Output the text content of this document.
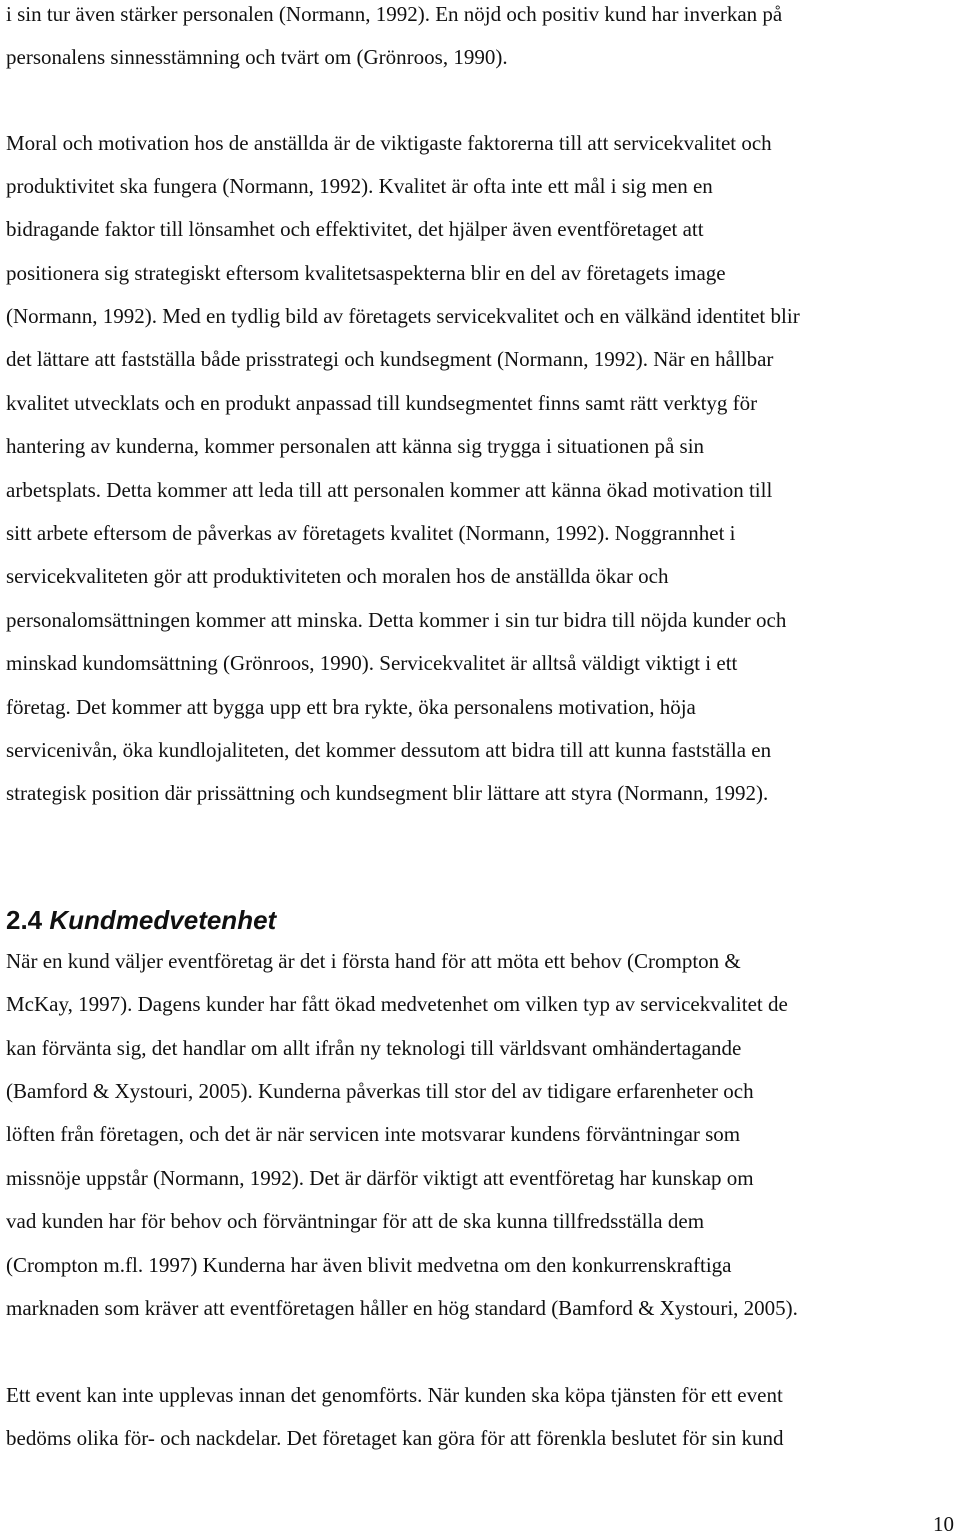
i sin tur även stärker personalen (Normann, 1992). En nöjd och positiv kund har inverkan på
personalens sinnesstämning och tvärt om (Grönroos, 1990).
Moral och motivation hos de anställda är de viktigaste faktorerna till att servicekvalitet och
produktivitet ska fungera (Normann, 1992). Kvalitet är ofta inte ett mål i sig men en
bidragande faktor till lönsamhet och effektivitet, det hjälper även eventföretaget att
positionera sig strategiskt eftersom kvalitetsaspekterna blir en del av företagets image
(Normann, 1992). Med en tydlig bild av företagets servicekvalitet och en välkänd identitet blir
det lättare att fastställa både prisstrategi och kundsegment (Normann, 1992). När en hållbar
kvalitet utvecklats och en produkt anpassad till kundsegmentet finns samt rätt verktyg för
hantering av kunderna, kommer personalen att känna sig trygga i situationen på sin
arbetsplats. Detta kommer att leda till att personalen kommer att känna ökad motivation till
sitt arbete eftersom de påverkas av företagets kvalitet (Normann, 1992). Noggrannhet i
servicekvaliteten gör att produktiviteten och moralen hos de anställda ökar och
personalomsättningen kommer att minska. Detta kommer i sin tur bidra till nöjda kunder och
minskad kundomsättning (Grönroos, 1990). Servicekvalitet är alltså väldigt viktigt i ett
företag. Det kommer att bygga upp ett bra rykte, öka personalens motivation, höja
servicenivån, öka kundlojaliteten, det kommer dessutom att bidra till att kunna fastställa en
strategisk position där prissättning och kundsegment blir lättare att styra (Normann, 1992).
2.4 Kundmedvetenhet
När en kund väljer eventföretag är det i första hand för att möta ett behov (Crompton &
McKay, 1997). Dagens kunder har fått ökad medvetenhet om vilken typ av servicekvalitet de
kan förvänta sig, det handlar om allt ifrån ny teknologi till världsvant omhändertagande
(Bamford & Xystouri, 2005). Kunderna påverkas till stor del av tidigare erfarenheter och
löften från företagen, och det är när servicen inte motsvarar kundens förväntningar som
missnöje uppstår (Normann, 1992). Det är därför viktigt att eventföretag har kunskap om
vad kunden har för behov och förväntningar för att de ska kunna tillfredsställa dem
(Crompton m.fl. 1997) Kunderna har även blivit medvetna om den konkurrenskraftiga
marknaden som kräver att eventföretagen håller en hög standard (Bamford & Xystouri, 2005).
Ett event kan inte upplevas innan det genomförts. När kunden ska köpa tjänsten för ett event
bedöms olika för- och nackdelar. Det företaget kan göra för att förenkla beslutet för sin kund
10
